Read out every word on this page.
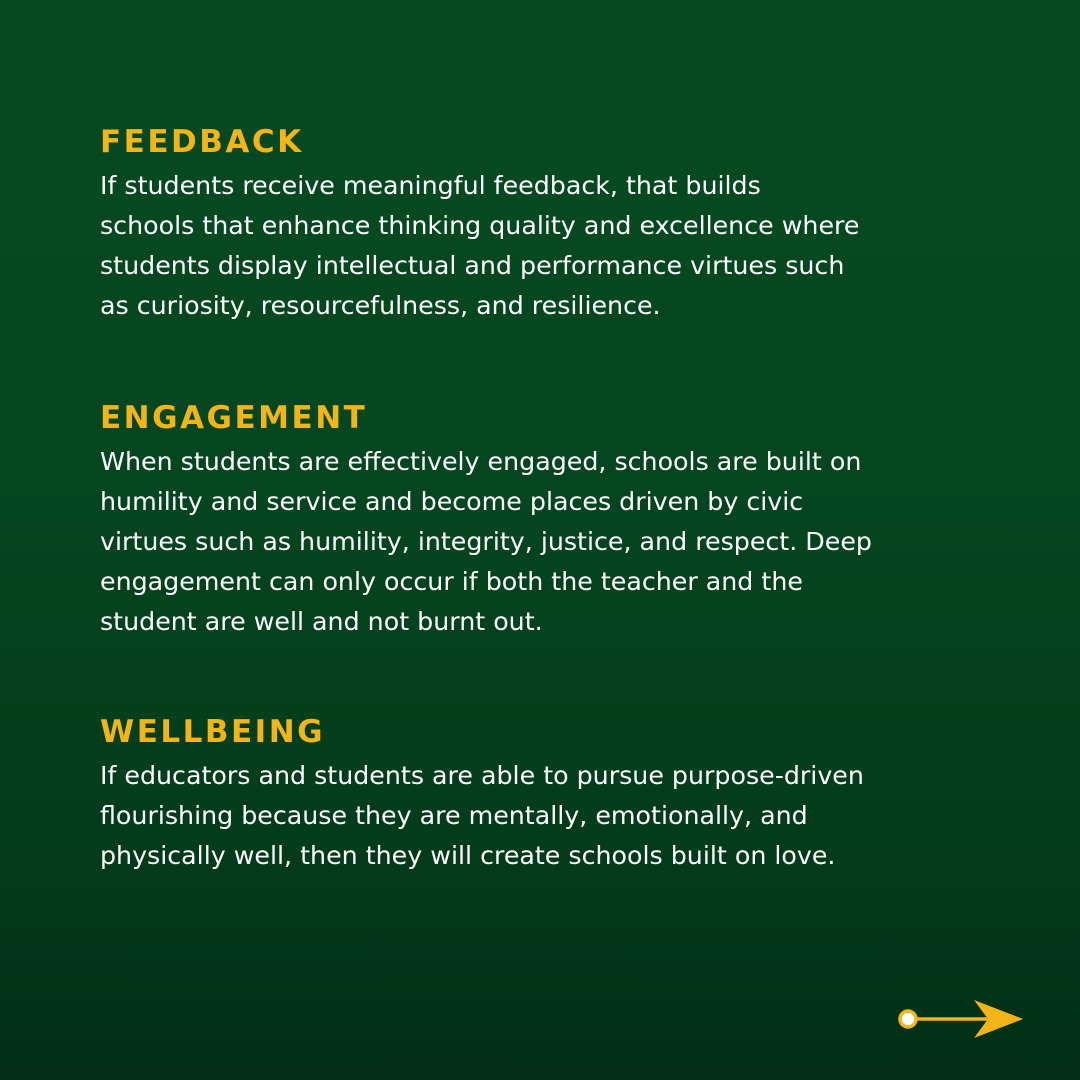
FEEDBACK

If students receive meaningful feedback, that builds
schools that enhance thinking quality and excellence where
students display intellectual and performance virtues such
as curiosity, resourcefulness, and resilience.

ENGAGEMENT

When students are effectively engaged, schools are built on
humility and service and become places driven by civic
virtues such as humility, integrity, justice, and respect. Deep
engagement can only occur if both the teacher and the
student are well and not burnt out.

WELLBEING

If educators and students are able to pursue purpose-driven
flourishing because they are mentally, emotionally, and
physically well, then they will create schools built on love.
